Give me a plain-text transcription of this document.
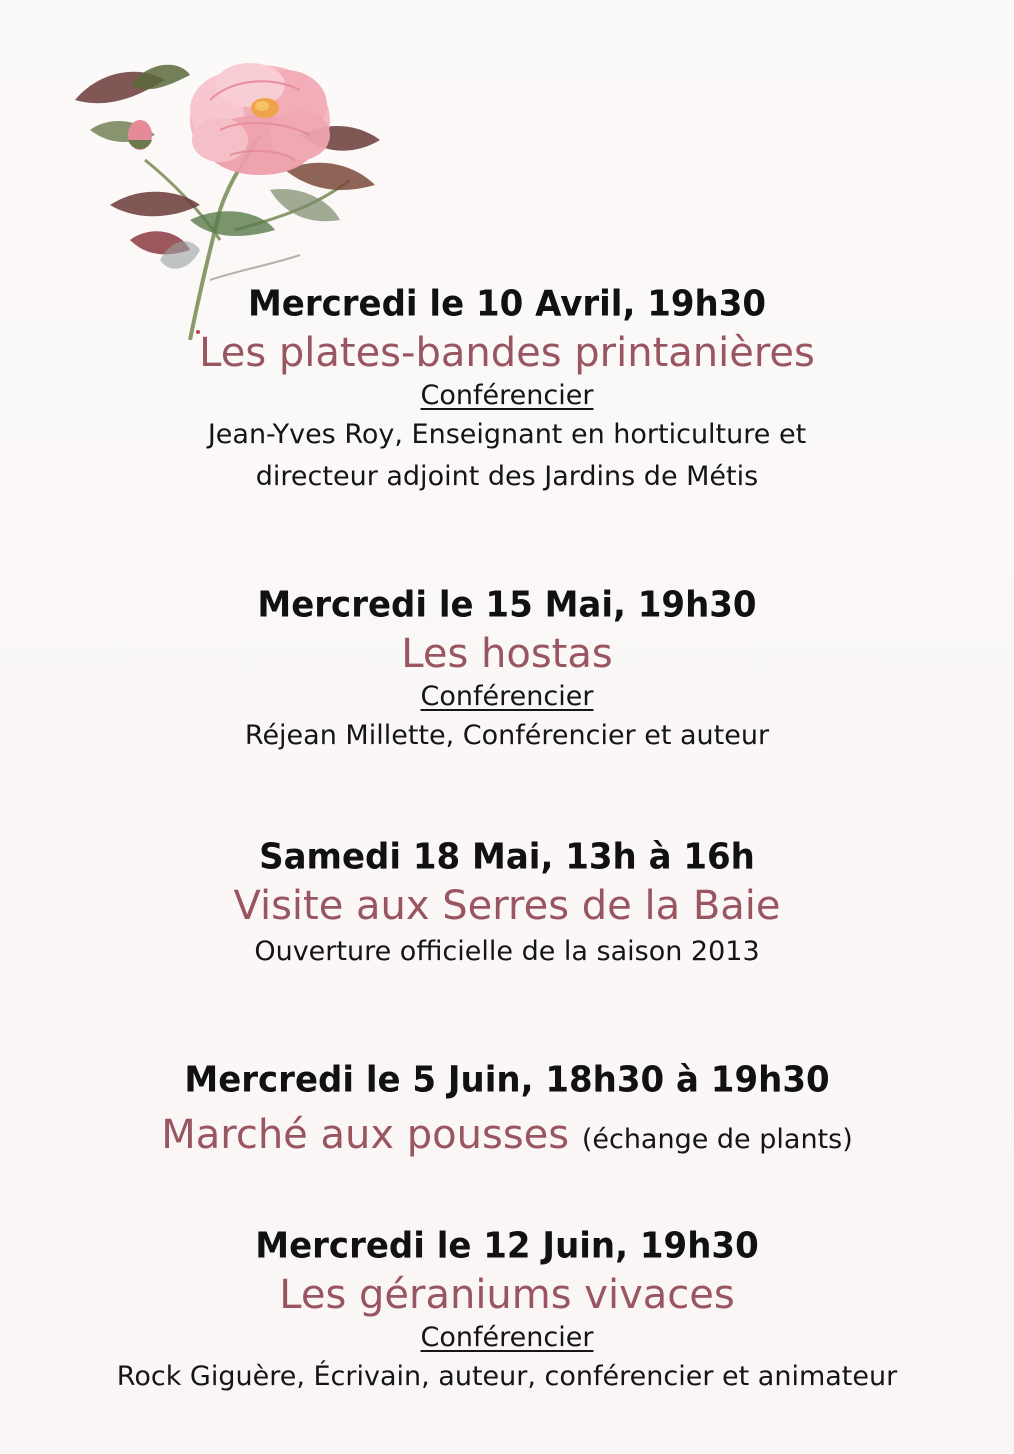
Mercredi le 10 Avril, 19h30
Les plates-bandes printanières
Conférencier
Jean-Yves Roy, Enseignant en horticulture et
directeur adjoint des Jardins de Métis
Mercredi le 15 Mai, 19h30
Les hostas
Conférencier
Réjean Millette, Conférencier et auteur
Samedi 18 Mai, 13h à 16h
Visite aux Serres de la Baie
Ouverture officielle de la saison 2013
Mercredi le 5 Juin, 18h30 à 19h30
Marché aux pousses (échange de plants)
Mercredi le 12 Juin, 19h30
Les géraniums vivaces
Conférencier
Rock Giguère, Écrivain, auteur, conférencier et animateur
